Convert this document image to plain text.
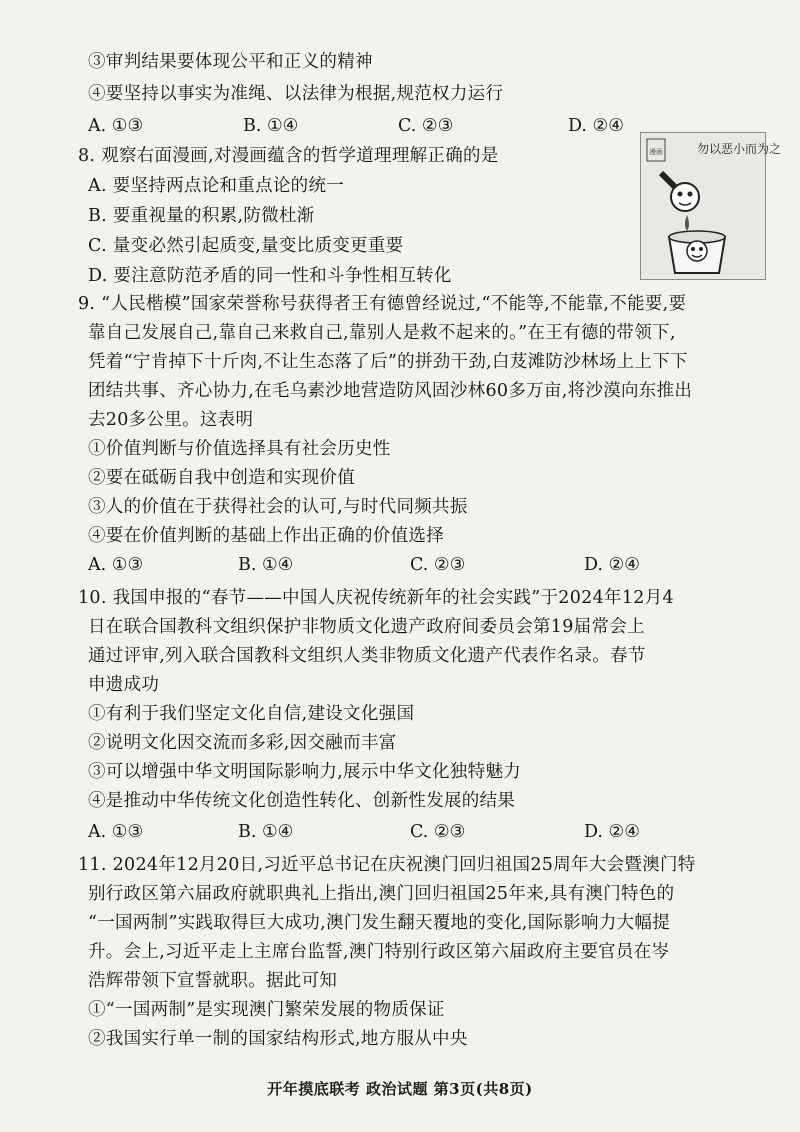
③审判结果要体现公平和正义的精神
④要坚持以事实为准绳、以法律为根据,规范权力运行
A. ①③	B. ①④	C. ②③	D. ②④
8. 观察右面漫画,对漫画蕴含的哲学道理理解正确的是
A. 要坚持两点论和重点论的统一
B. 要重视量的积累,防微杜渐
C. 量变必然引起质变,量变比质变更重要
D. 要注意防范矛盾的同一性和斗争性相互转化
漫画	勿以恶小而为之
9. “人民楷模”国家荣誉称号获得者王有德曾经说过,“不能等,不能靠,不能要,要
靠自己发展自己,靠自己来救自己,靠别人是救不起来的。”在王有德的带领下,
凭着“宁肯掉下十斤肉,不让生态落了后”的拼劲干劲,白芨滩防沙林场上上下下
团结共事、齐心协力,在毛乌素沙地营造防风固沙林60多万亩,将沙漠向东推出
去20多公里。这表明
①价值判断与价值选择具有社会历史性
②要在砥砺自我中创造和实现价值
③人的价值在于获得社会的认可,与时代同频共振
④要在价值判断的基础上作出正确的价值选择
A. ①③	B. ①④	C. ②③	D. ②④
10. 我国申报的“春节——中国人庆祝传统新年的社会实践”于2024年12月4
日在联合国教科文组织保护非物质文化遗产政府间委员会第19届常会上
通过评审,列入联合国教科文组织人类非物质文化遗产代表作名录。春节
申遗成功
①有利于我们坚定文化自信,建设文化强国
②说明文化因交流而多彩,因交融而丰富
③可以增强中华文明国际影响力,展示中华文化独特魅力
④是推动中华传统文化创造性转化、创新性发展的结果
A. ①③	B. ①④	C. ②③	D. ②④
11. 2024年12月20日,习近平总书记在庆祝澳门回归祖国25周年大会暨澳门特
别行政区第六届政府就职典礼上指出,澳门回归祖国25年来,具有澳门特色的
“一国两制”实践取得巨大成功,澳门发生翻天覆地的变化,国际影响力大幅提
升。会上,习近平走上主席台监誓,澳门特别行政区第六届政府主要官员在岑
浩辉带领下宣誓就职。据此可知
①“一国两制”是实现澳门繁荣发展的物质保证
②我国实行单一制的国家结构形式,地方服从中央
开年摸底联考 政治试题 第3页(共8页)
